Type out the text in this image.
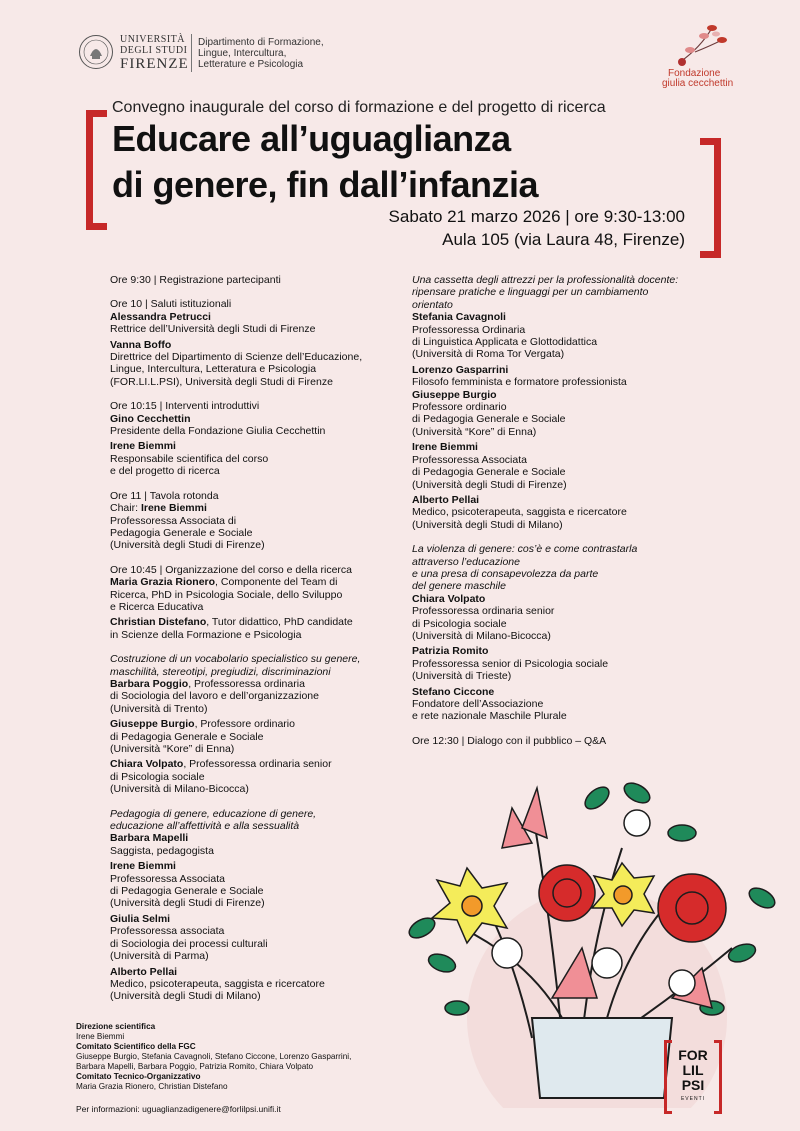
UNIVERSITÀ
DEGLI STUDI
FIRENZE
Dipartimento di Formazione,
Lingue, Intercultura,
Letterature e Psicologia
Fondazione
giulia cecchettin
Convegno inaugurale del corso di formazione e del progetto di ricerca
Educare all’uguaglianza
di genere, fin dall’infanzia
Sabato 21 marzo 2026 | ore 9:30-13:00
Aula 105 (via Laura 48, Firenze)
Ore 9:30 | Registrazione partecipanti
Ore 10 | Saluti istituzionali
Alessandra Petrucci
Rettrice dell’Università degli Studi di Firenze
Vanna Boffo
Direttrice del Dipartimento di Scienze dell’Educazione,
Lingue, Intercultura, Letteratura e Psicologia
(FOR.LI.L.PSI), Università degli Studi di Firenze
Ore 10:15 | Interventi introduttivi
Gino Cecchettin
Presidente della Fondazione Giulia Cecchettin
Irene Biemmi
Responsabile scientifica del corso
e del progetto di ricerca
Ore 11 | Tavola rotonda
Chair: Irene Biemmi
Professoressa Associata di
Pedagogia Generale e Sociale
(Università degli Studi di Firenze)
Ore 10:45 | Organizzazione del corso e della ricerca
Maria Grazia Rionero, Componente del Team di
Ricerca, PhD in Psicologia Sociale, dello Sviluppo
e Ricerca Educativa
Christian Distefano, Tutor didattico, PhD candidate
in Scienze della Formazione e Psicologia
Costruzione di un vocabolario specialistico su genere,
maschilità, stereotipi, pregiudizi, discriminazioni
Barbara Poggio, Professoressa ordinaria
di Sociologia del lavoro e dell’organizzazione
(Università di Trento)
Giuseppe Burgio, Professore ordinario
di Pedagogia Generale e Sociale
(Università “Kore” di Enna)
Chiara Volpato, Professoressa ordinaria senior
di Psicologia sociale
(Università di Milano-Bicocca)
Pedagogia di genere, educazione di genere,
educazione all’affettività e alla sessualità
Barbara Mapelli
Saggista, pedagogista
Irene Biemmi
Professoressa Associata
di Pedagogia Generale e Sociale
(Università degli Studi di Firenze)
Giulia Selmi
Professoressa associata
di Sociologia dei processi culturali
(Università di Parma)
Alberto Pellai
Medico, psicoterapeuta, saggista e ricercatore
(Università degli Studi di Milano)
Una cassetta degli attrezzi per la professionalità docente:
ripensare pratiche e linguaggi per un cambiamento
orientato
Stefania Cavagnoli
Professoressa Ordinaria
di Linguistica Applicata e Glottodidattica
(Università di Roma Tor Vergata)
Lorenzo Gasparrini
Filosofo femminista e formatore professionista
Giuseppe Burgio
Professore ordinario
di Pedagogia Generale e Sociale
(Università “Kore” di Enna)
Irene Biemmi
Professoressa Associata
di Pedagogia Generale e Sociale
(Università degli Studi di Firenze)
Alberto Pellai
Medico, psicoterapeuta, saggista e ricercatore
(Università degli Studi di Milano)
La violenza di genere: cos’è e come contrastarla
attraverso l’educazione
e una presa di consapevolezza da parte
del genere maschile
Chiara Volpato
Professoressa ordinaria senior
di Psicologia sociale
(Università di Milano-Bicocca)
Patrizia Romito
Professoressa senior di Psicologia sociale
(Università di Trieste)
Stefano Ciccone
Fondatore dell’Associazione
e rete nazionale Maschile Plurale
Ore 12:30 | Dialogo con il pubblico – Q&A
Direzione scientifica
Irene Biemmi
Comitato Scientifico della FGC
Giuseppe Burgio, Stefania Cavagnoli, Stefano Ciccone, Lorenzo Gasparrini,
Barbara Mapelli, Barbara Poggio, Patrizia Romito, Chiara Volpato
Comitato Tecnico-Organizzativo
Maria Grazia Rionero, Christian Distefano
Per informazioni: uguaglianzadigenere@forlilpsi.unifi.it
FOR
LIL
PSI
EVENTI
